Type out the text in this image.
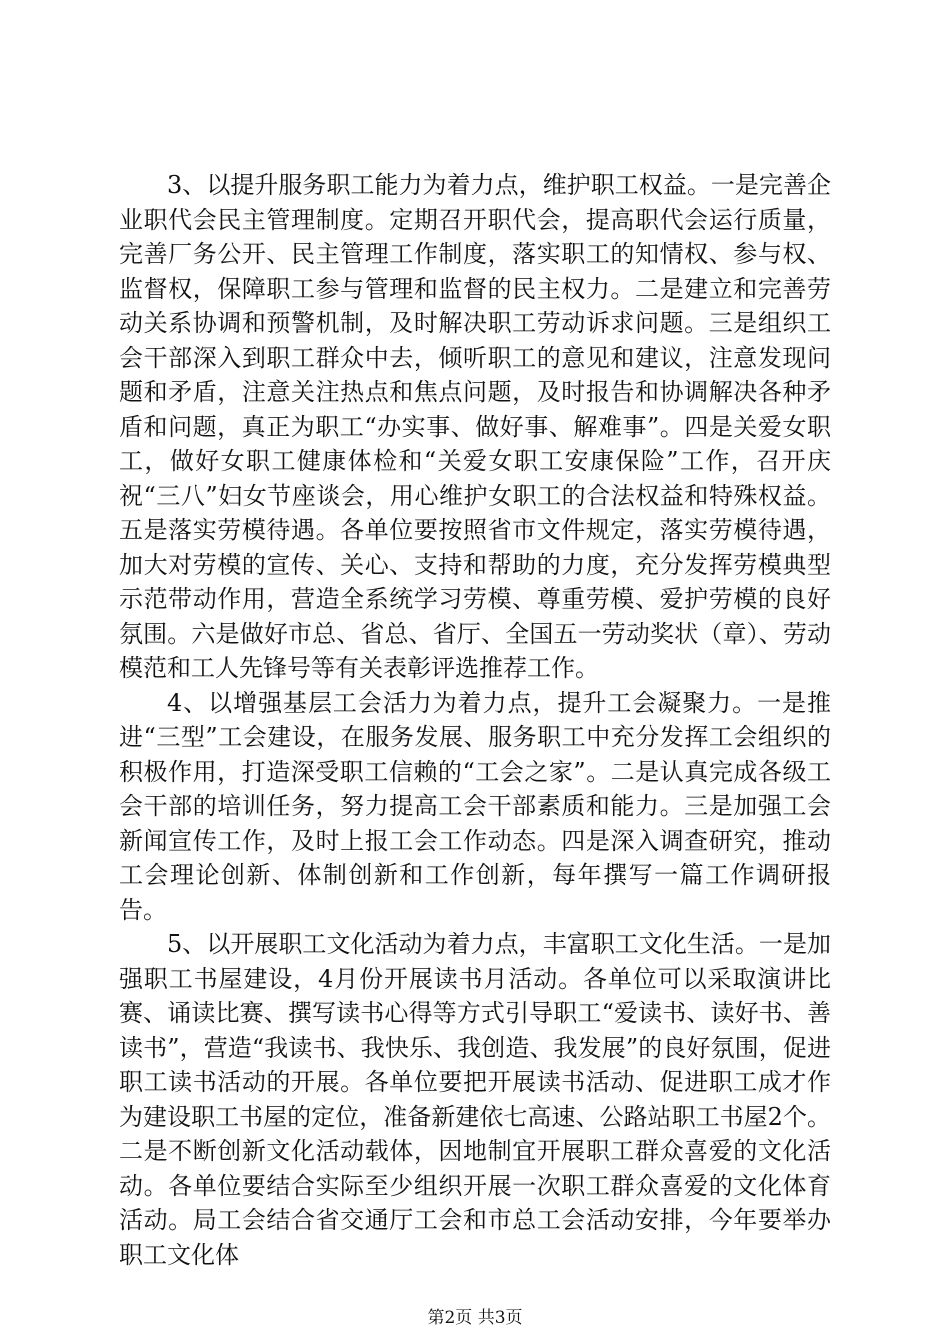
3、以提升服务职工能力为着力点，维护职工权益。一是完善企业职代会民主管理制度。定期召开职代会，提高职代会运行质量，完善厂务公开、民主管理工作制度，落实职工的知情权、参与权、监督权，保障职工参与管理和监督的民主权力。二是建立和完善劳动关系协调和预警机制，及时解决职工劳动诉求问题。三是组织工会干部深入到职工群众中去，倾听职工的意见和建议，注意发现问题和矛盾，注意关注热点和焦点问题，及时报告和协调解决各种矛盾和问题，真正为职工“办实事、做好事、解难事”。四是关爱女职工，做好女职工健康体检和“关爱女职工安康保险”工作，召开庆祝“三八”妇女节座谈会，用心维护女职工的合法权益和特殊权益。五是落实劳模待遇。各单位要按照省市文件规定，落实劳模待遇，加大对劳模的宣传、关心、支持和帮助的力度，充分发挥劳模典型示范带动作用，营造全系统学习劳模、尊重劳模、爱护劳模的良好氛围。六是做好市总、省总、省厅、全国五一劳动奖状（章）、劳动模范和工人先锋号等有关表彰评选推荐工作。

4、以增强基层工会活力为着力点，提升工会凝聚力。一是推进“三型”工会建设，在服务发展、服务职工中充分发挥工会组织的积极作用，打造深受职工信赖的“工会之家”。二是认真完成各级工会干部的培训任务，努力提高工会干部素质和能力。三是加强工会新闻宣传工作，及时上报工会工作动态。四是深入调查研究，推动工会理论创新、体制创新和工作创新，每年撰写一篇工作调研报告。

5、以开展职工文化活动为着力点，丰富职工文化生活。一是加强职工书屋建设，4月份开展读书月活动。各单位可以采取演讲比赛、诵读比赛、撰写读书心得等方式引导职工“爱读书、读好书、善读书”，营造“我读书、我快乐、我创造、我发展”的良好氛围，促进职工读书活动的开展。各单位要把开展读书活动、促进职工成才作为建设职工书屋的定位，准备新建依七高速、公路站职工书屋2个。二是不断创新文化活动载体，因地制宜开展职工群众喜爱的文化活动。各单位要结合实际至少组织开展一次职工群众喜爱的文化体育活动。局工会结合省交通厅工会和市总工会活动安排，今年要举办职工文化体

第2页 共3页
